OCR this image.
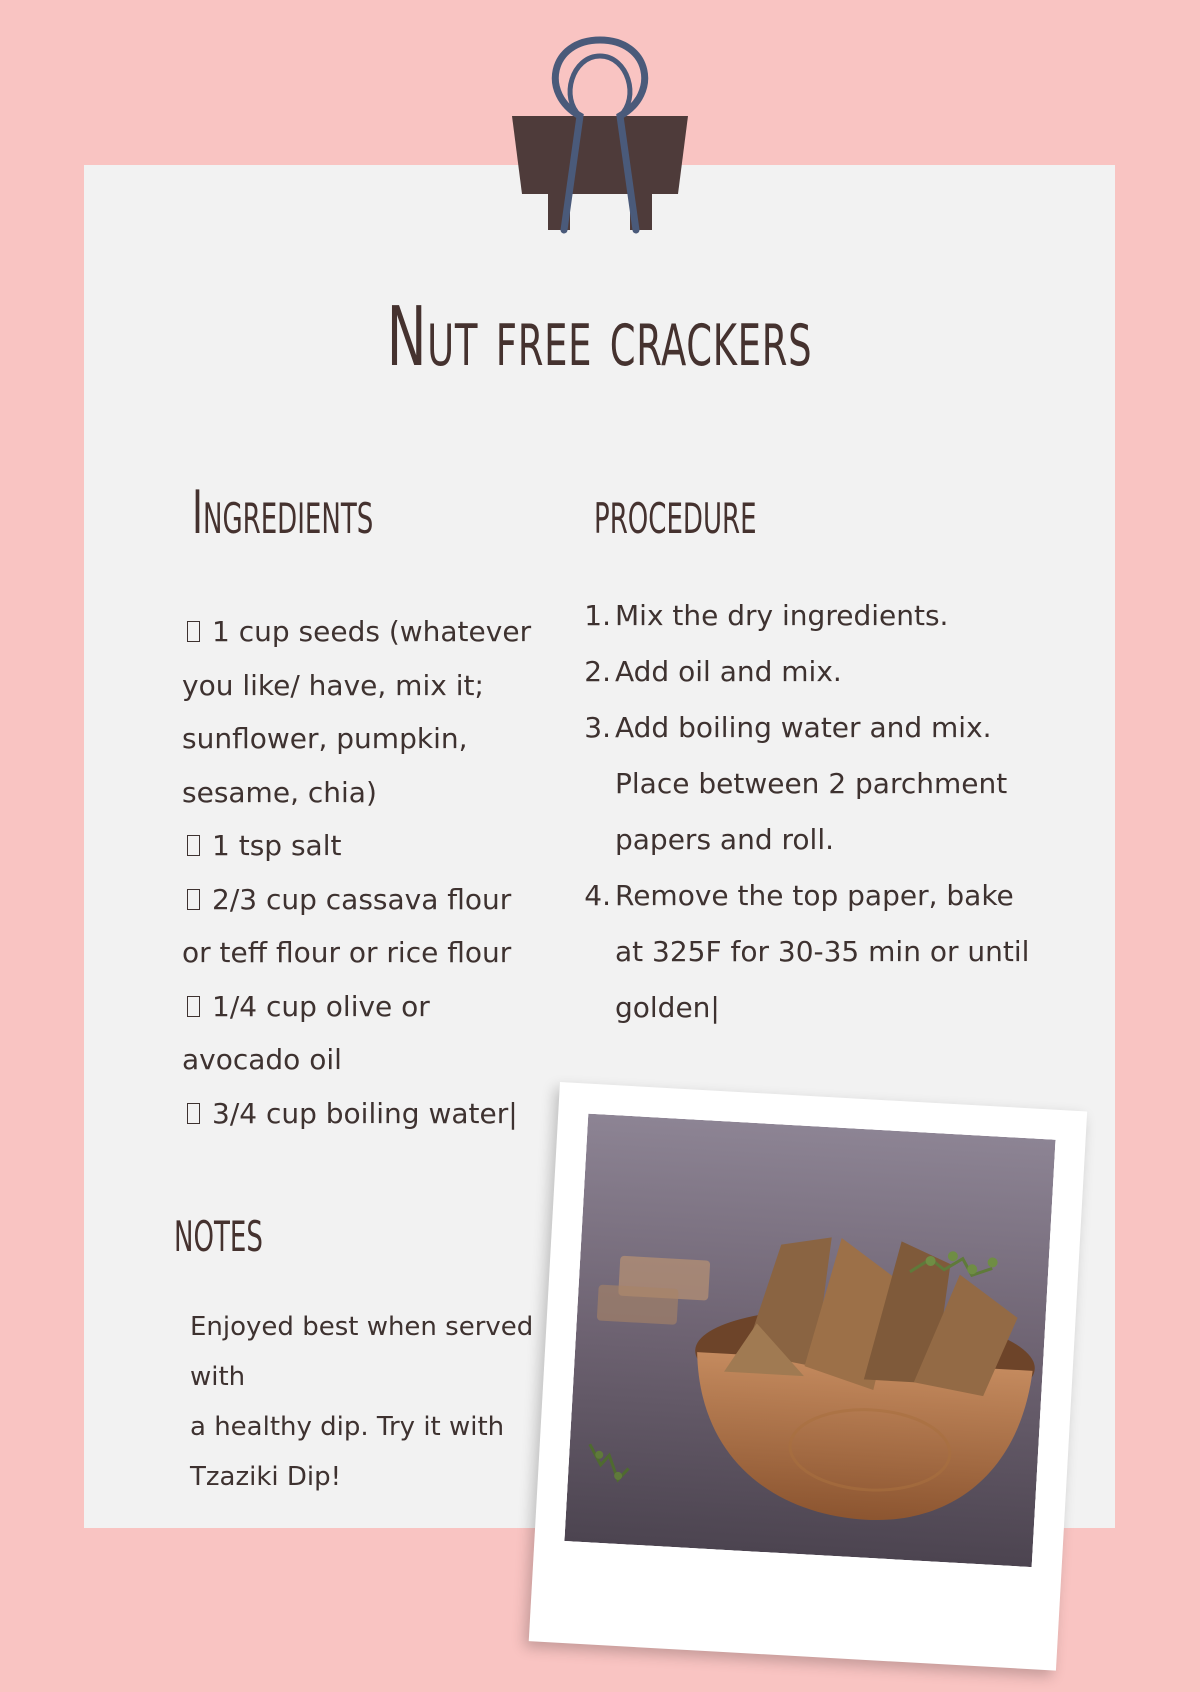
Nut free crackers
Ingredients
1 cup seeds (whatever
you like/ have, mix it;
sunflower, pumpkin,
sesame, chia)
1 tsp salt
2/3 cup cassava flour
or teff flour or rice flour
1/4 cup olive or
avocado oil
3/4 cup boiling water|
procedure
1. Mix the dry ingredients.
2. Add oil and mix.
3. Add boiling water and mix.
Place between 2 parchment
papers and roll.
4. Remove the top paper, bake
at 325F for 30-35 min or until
golden|
notes
Enjoyed best when served
with
a healthy dip. Try it with
Tzaziki Dip!
